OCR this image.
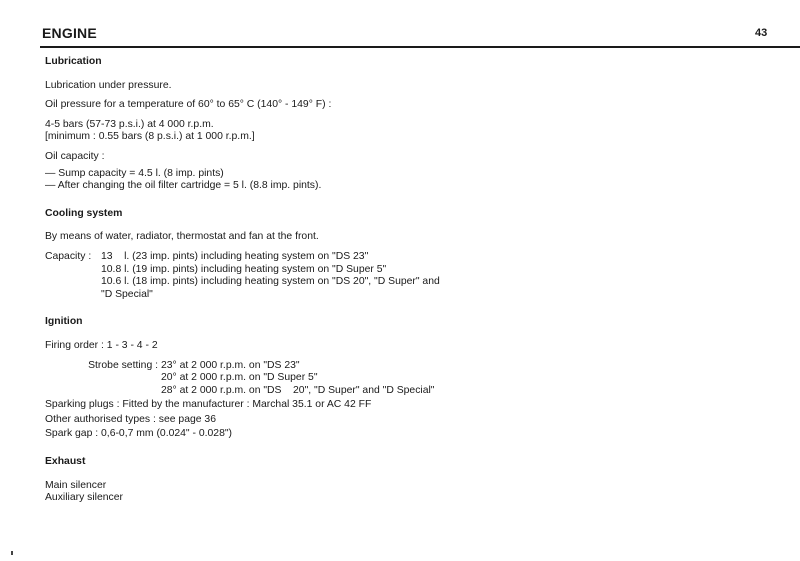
ENGINE	43
Lubrication
Lubrication under pressure.
Oil pressure for a temperature of 60° to 65° C (140° - 149° F) :
4-5 bars (57-73 p.s.i.) at 4 000 r.p.m.
[minimum : 0.55 bars (8 p.s.i.) at 1 000 r.p.m.]
Oil capacity :
— Sump capacity = 4.5 l. (8 imp. pints)
— After changing the oil filter cartridge = 5 l. (8.8 imp. pints).
Cooling system
By means of water, radiator, thermostat and fan at the front.
Capacity : 13    l. (23 imp. pints) including heating system on "DS 23"
10.8 l. (19 imp. pints) including heating system on "D Super 5"
10.6 l. (18 imp. pints) including heating system on "DS 20", "D Super" and
"D Special"
Ignition
Firing order : 1 - 3 - 4 - 2
Strobe setting : 23° at 2 000 r.p.m. on "DS 23"
20° at 2 000 r.p.m. on "D Super 5"
28° at 2 000 r.p.m. on "DS    20", "D Super" and "D Special"
Sparking plugs : Fitted by the manufacturer : Marchal 35.1 or AC 42 FF
Other authorised types : see page 36
Spark gap : 0,6-0,7 mm (0.024" - 0.028")
Exhaust
Main silencer
Auxiliary silencer
